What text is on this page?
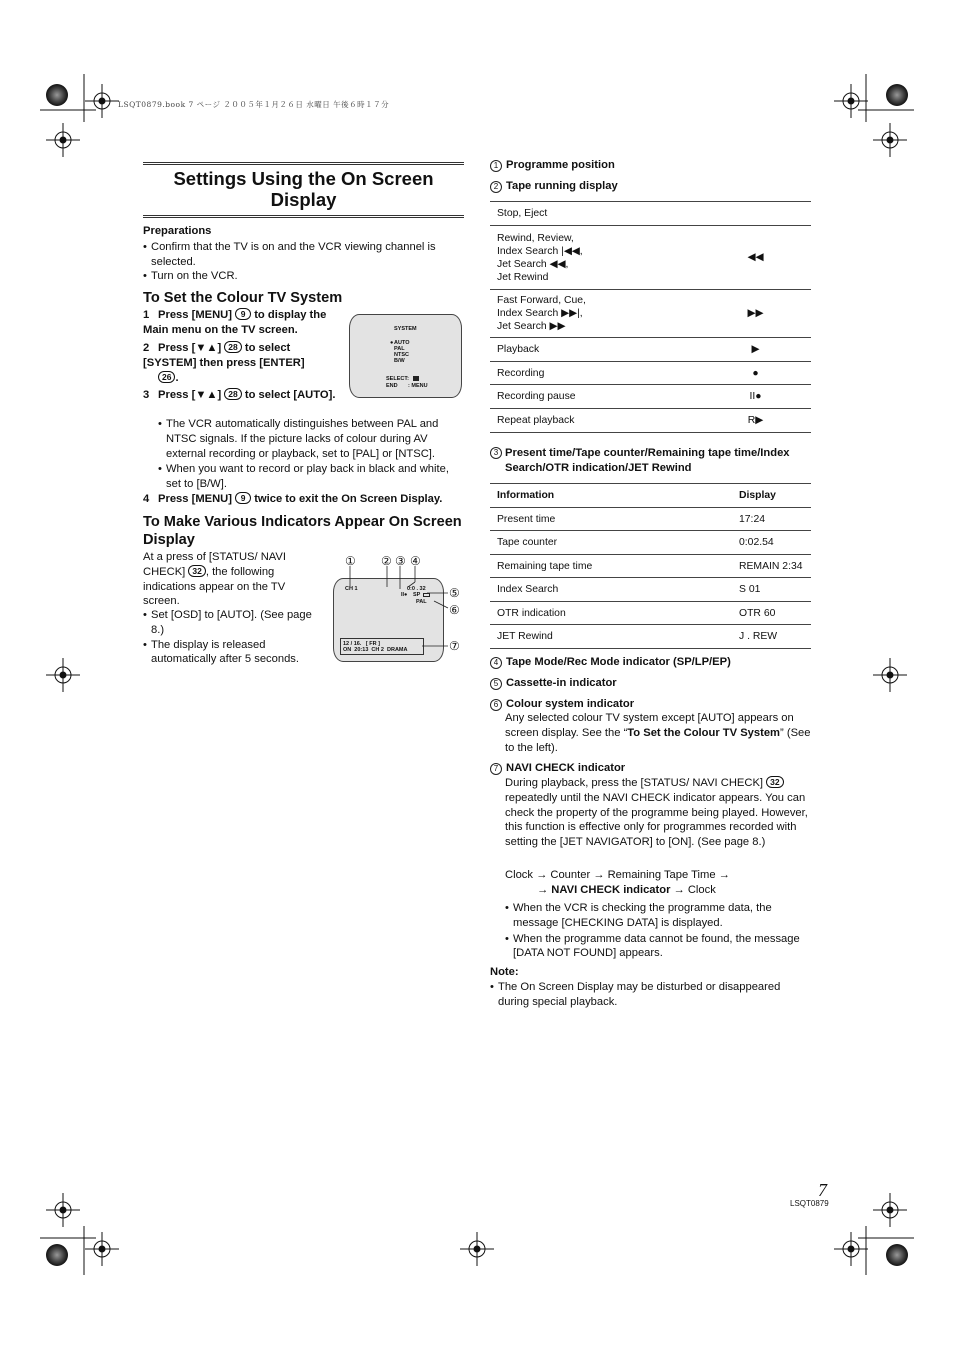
LSQT0879.book 7 ページ ２００５年１月２６日 水曜日 午後６時１７分
Settings Using the On Screen Display
Preparations
• Confirm that the TV is on and the VCR viewing channel is selected.
• Turn on the VCR.
To Set the Colour TV System
1 Press [MENU] 9 to display the Main menu on the TV screen.
2 Press [▼▲] 28 to select [SYSTEM] then press [ENTER]
26 .
3 Press [▼▲] 28 to select [AUTO].
• The VCR automatically distinguishes between PAL and NTSC signals. If the picture lacks of colour during AV external recording or playback, set to [PAL] or [NTSC].
• When you want to record or play back in black and white, set to [B/W].
4 Press [MENU] 9 twice to exit the On Screen Display.
SYSTEM
● AUTO
PAL
NTSC
B/W
SELECT:
END : MENU
To Make Various Indicators Appear On Screen Display
At a press of [STATUS/ NAVI CHECK] 32 , the following indications appear on the TV screen.
• Set [OSD] to [AUTO]. (See page 8.)
• The display is released automatically after 5 seconds.
CH 1	0:0 . 32
II● SP
PAL
12 / 16.   [ FR ]
ON  20:13  CH 2  DRAMA
① ② ③ ④
⑤
⑥
⑦
1 Programme position
2 Tape running display
Stop, Eject	

Rewind, Review,
Index Search |◀◀,
Jet Search ◀◀,
Jet Rewind	◀◀

Fast Forward, Cue,
Index Search ▶▶|,
Jet Search ▶▶	▶▶
Playback	▶
Recording	●
Recording pause	II●
Repeat playback	R▶
3 Present time/Tape counter/Remaining tape time/Index Search/OTR indication/JET Rewind
Information	Display
Present time	17:24
Tape counter	0:02.54
Remaining tape time	REMAIN 2:34
Index Search	S 01
OTR indication	OTR 60
JET Rewind	J . REW
4 Tape Mode/Rec Mode indicator (SP/LP/EP)
5 Cassette-in indicator
6 Colour system indicator
Any selected colour TV system except [AUTO] appears on screen display. See the “To Set the Colour TV System” (See to the left).
7 NAVI CHECK indicator
During playback, press the [STATUS/ NAVI CHECK] 32 repeatedly until the NAVI CHECK indicator appears. You can check the property of the programme being played. However, this function is effective only for programmes recorded with setting the [JET NAVIGATOR] to [ON]. (See page 8.)
Clock → Counter → Remaining Tape Time →
→ NAVI CHECK indicator → Clock
• When the VCR is checking the programme data, the message [CHECKING DATA] is displayed.
• When the programme data cannot be found, the message [DATA NOT FOUND] appears.
Note:
• The On Screen Display may be disturbed or disappeared during special playback.
7
LSQT0879
